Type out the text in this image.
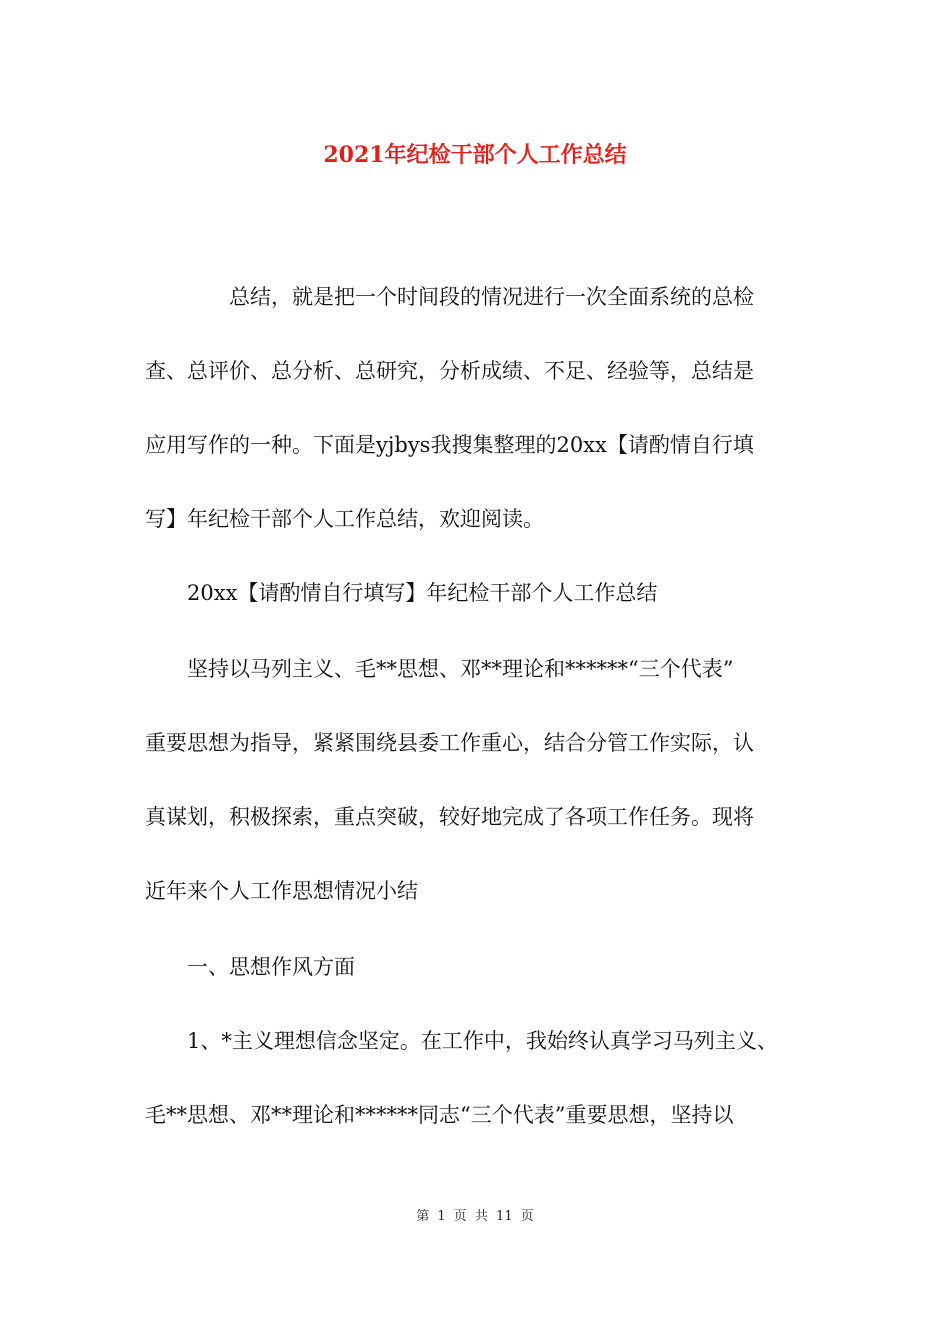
2021年纪检干部个人工作总结
　　　　总结，就是把一个时间段的情况进行一次全面系统的总检
查、总评价、总分析、总研究，分析成绩、不足、经验等，总结是
应用写作的一种。下面是yjbys我搜集整理的20xx【请酌情自行填
写】年纪检干部个人工作总结，欢迎阅读。
　　20xx【请酌情自行填写】年纪检干部个人工作总结
　　坚持以马列主义、毛**思想、邓**理论和******“三个代表”
重要思想为指导，紧紧围绕县委工作重心，结合分管工作实际，认
真谋划，积极探索，重点突破，较好地完成了各项工作任务。现将
近年来个人工作思想情况小结
　　一、思想作风方面
　　1、*主义理想信念坚定。在工作中，我始终认真学习马列主义、
毛**思想、邓**理论和******同志“三个代表”重要思想，坚持以
第 1 页 共 11 页
